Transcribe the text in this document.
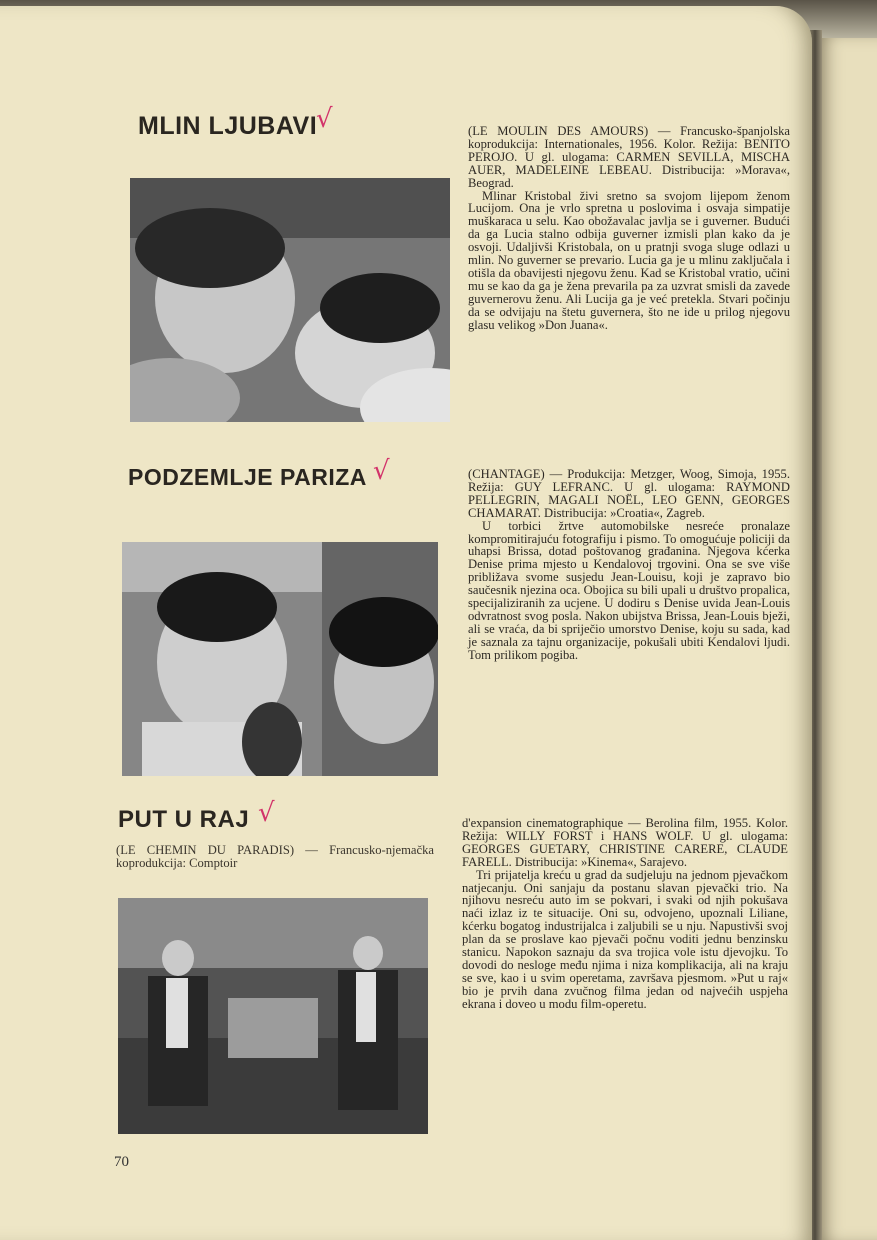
MLIN LJUBAVI
√	(LE MOULIN DES AMOURS) — Francusko-španjolska koprodukcija: Internationales, 1956. Kolor. Režija: BENITO PEROJO. U gl. ulogama: CARMEN SEVILLA, MISCHA AUER, MADELEINE LEBEAU. Distribucija: »Morava«, Beograd.

Mlinar Kristobal živi sretno sa svojom lijepom ženom Lucijom. Ona je vrlo spretna u poslovima i osvaja simpatije muškaraca u selu. Kao obožavalac javlja se i guverner. Budući da ga Lucia stalno odbija guverner izmisli plan kako da je osvoji. Udaljivši Kristobala, on u pratnji svoga sluge odlazi u mlin. No guverner se prevario. Lucia ga je u mlinu zaključala i otišla da obavijesti njegovu ženu. Kad se Kristobal vratio, učini mu se kao da ga je žena prevarila pa za uzvrat smisli da zavede guvernerovu ženu. Ali Lucija ga je već pretekla. Stvari počinju da se odvijaju na štetu guvernera, što ne ide u prilog njegovu glasu velikog »Don Juana«.

PODZEMLJE PARIZA √	(CHANTAGE) — Produkcija: Metzger, Woog, Simoja, 1955. Režija: GUY LEFRANC. U gl. ulogama: RAYMOND PELLEGRIN, MAGALI NOËL, LEO GENN, GEORGES CHAMARAT. Distribucija: »Croatia«, Zagreb.

U torbici žrtve automobilske nesreće pronalaze kompromitirajuću fotografiju i pismo. To omogućuje policiji da uhapsi Brissa, dotad poštovanog građanina. Njegova kćerka Denise prima mjesto u Kendalovoj trgovini. Ona se sve više približava svome susjedu Jean-Louisu, koji je zapravo bio saučesnik njezina oca. Obojica su bili upali u društvo propalica, specijaliziranih za ucjene. U dodiru s Denise uvida Jean-Louis odvratnost svog posla. Nakon ubijstva Brissa, Jean-Louis bježi, ali se vraća, da bi spriječio umorstvo Denise, koju su sada, kad je saznala za tajnu organizacije, pokušali ubiti Kendalovi ljudi. Tom prilikom pogiba.

PUT U RAJ √

(LE CHEMIN DU PARADIS) — Francusko-njemačka koprodukcija: Comptoir

d'expansion cinematographique — Berolina film, 1955. Kolor. Režija: WILLY FORST i HANS WOLF. U gl. ulogama: GEORGES GUETARY, CHRISTINE CARERE, CLAUDE FARELL. Distribucija: »Kinema«, Sarajevo.

Tri prijatelja kreću u grad da sudjeluju na jednom pjevačkom natjecanju. Oni sanjaju da postanu slavan pjevački trio. Na njihovu nesreću auto im se pokvari, i svaki od njih pokušava naći izlaz iz te situacije. Oni su, odvojeno, upoznali Liliane, kćerku bogatog industrijalca i zaljubili se u nju. Napustivši svoj plan da se proslave kao pjevači počnu voditi jednu benzinsku stanicu. Napokon saznaju da sva trojica vole istu djevojku. To dovodi do nesloge među njima i niza komplikacija, ali na kraju se sve, kao i u svim operetama, završava pjesmom. »Put u raj« bio je prvih dana zvučnog filma jedan od najvećih uspjeha ekrana i doveo u modu film-operetu.

70
